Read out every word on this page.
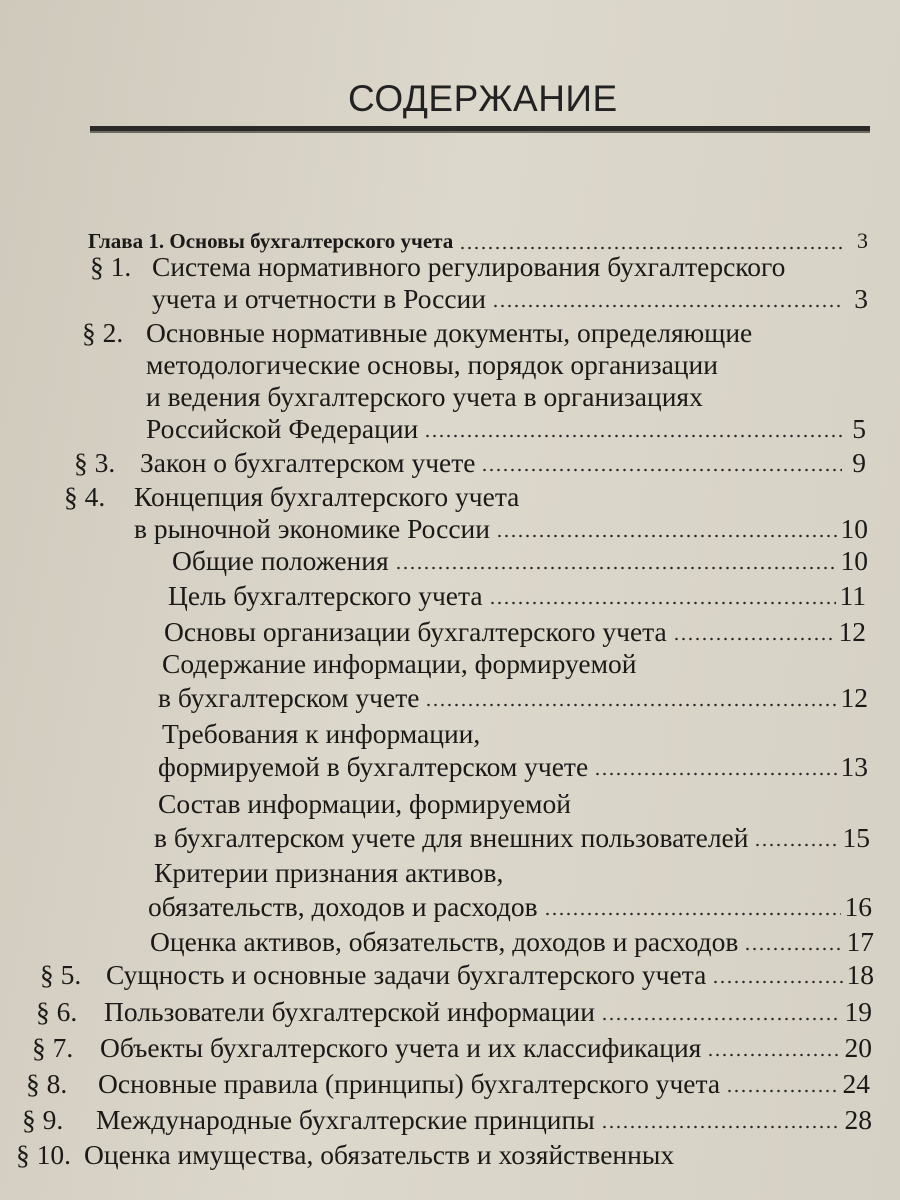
СОДЕРЖАНИЕ
Глава 1. Основы бухгалтерского учета	3
§ 1. Система нормативного регулирования бухгалтерского
учета и отчетности в России	3
§ 2. Основные нормативные документы, определяющие
методологические основы, порядок организации
и ведения бухгалтерского учета в организациях
Российской Федерации	5
§ 3. Закон о бухгалтерском учете	9
§ 4. Концепция бухгалтерского учета
в рыночной экономике России	10
Общие положения	10
Цель бухгалтерского учета	11
Основы организации бухгалтерского учета	12
Содержание информации, формируемой
в бухгалтерском учете	12
Требования к информации,
формируемой в бухгалтерском учете	13
Состав информации, формируемой
в бухгалтерском учете для внешних пользователей	15
Критерии признания активов,
обязательств, доходов и расходов	16
Оценка активов, обязательств, доходов и расходов	17
§ 5. Сущность и основные задачи бухгалтерского учета	18
§ 6. Пользователи бухгалтерской информации	19
§ 7. Объекты бухгалтерского учета и их классификация	20
§ 8. Основные правила (принципы) бухгалтерского учета	24
§ 9. Международные бухгалтерские принципы	28
§ 10. Оценка имущества, обязательств и хозяйственных
